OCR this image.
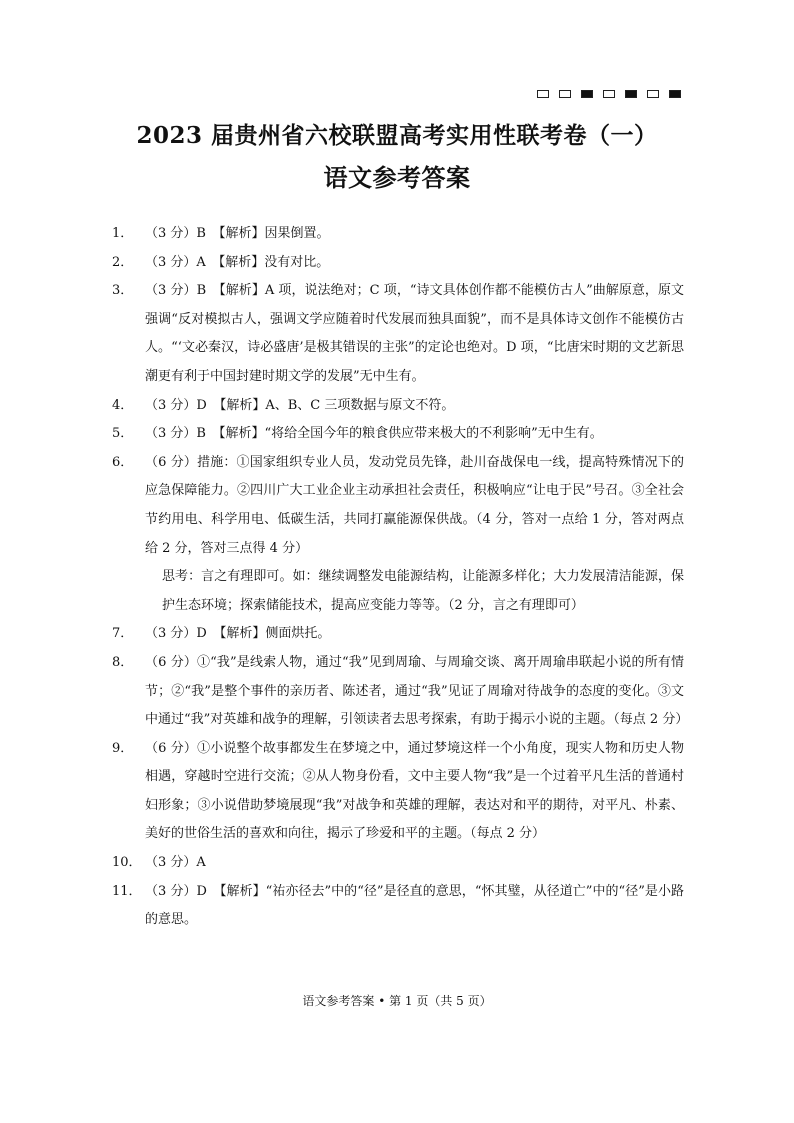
2023 届贵州省六校联盟高考实用性联考卷（一）
语文参考答案
1． （3 分）B　【解析】因果倒置。
2． （3 分）A　【解析】没有对比。
3． （3 分）B　【解析】A 项，说法绝对；C 项，“诗文具体创作都不能模仿古人”曲解原意，原文强调“反对模拟古人，强调文学应随着时代发展而独具面貌”，而不是具体诗文创作不能模仿古人。“‘文必秦汉，诗必盛唐’是极其错误的主张”的定论也绝对。D 项，“比唐宋时期的文艺新思潮更有利于中国封建时期文学的发展”无中生有。
4． （3 分）D　【解析】A、B、C 三项数据与原文不符。
5． （3 分）B　【解析】“将给全国今年的粮食供应带来极大的不利影响”无中生有。
6． （6 分）措施：①国家组织专业人员，发动党员先锋，赴川奋战保电一线，提高特殊情况下的应急保障能力。②四川广大工业企业主动承担社会责任，积极响应“让电于民”号召。③全社会节约用电、科学用电、低碳生活，共同打赢能源保供战。（4 分，答对一点给 1 分，答对两点给 2 分，答对三点得 4 分）
思考：言之有理即可。如：继续调整发电能源结构，让能源多样化；大力发展清洁能源，保护生态环境；探索储能技术，提高应变能力等等。（2 分，言之有理即可）
7． （3 分）D　【解析】侧面烘托。
8． （6 分）①“我”是线索人物，通过“我”见到周瑜、与周瑜交谈、离开周瑜串联起小说的所有情节；②“我”是整个事件的亲历者、陈述者，通过“我”见证了周瑜对待战争的态度的变化。③文中通过“我”对英雄和战争的理解，引领读者去思考探索，有助于揭示小说的主题。（每点 2 分）
9． （6 分）①小说整个故事都发生在梦境之中，通过梦境这样一个小角度，现实人物和历史人物相遇，穿越时空进行交流；②从人物身份看，文中主要人物“我”是一个过着平凡生活的普通村妇形象；③小说借助梦境展现“我”对战争和英雄的理解，表达对和平的期待，对平凡、朴素、美好的世俗生活的喜欢和向往，揭示了珍爱和平的主题。（每点 2 分）
10． （3 分）A
11． （3 分）D　【解析】“祐亦径去”中的“径”是径直的意思，“怀其璧，从径道亡”中的“径”是小路的意思。
语文参考答案 • 第 1 页（共 5 页）
